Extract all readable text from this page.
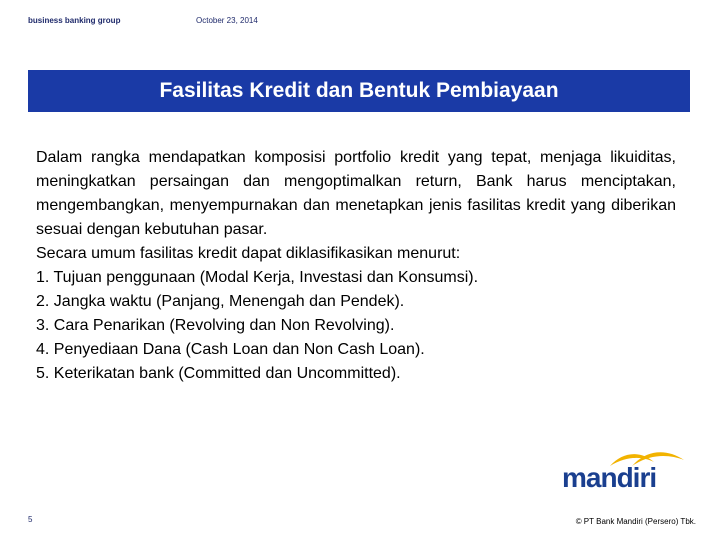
business banking group	October 23, 2014
Fasilitas Kredit dan Bentuk Pembiayaan

Dalam rangka mendapatkan komposisi portfolio kredit yang tepat, menjaga likuiditas, meningkatkan persaingan dan mengoptimalkan return, Bank harus menciptakan, mengembangkan, menyempurnakan dan menetapkan jenis fasilitas kredit yang diberikan sesuai dengan kebutuhan pasar.

Secara umum fasilitas kredit dapat diklasifikasikan menurut:

1. Tujuan penggunaan (Modal Kerja, Investasi dan Konsumsi).

2. Jangka waktu (Panjang, Menengah dan Pendek).

3. Cara Penarikan (Revolving dan Non Revolving).

4. Penyediaan Dana (Cash Loan dan Non Cash Loan).

5. Keterikatan bank (Committed dan Uncommitted).

mandiri
5	© PT Bank Mandiri (Persero) Tbk.
